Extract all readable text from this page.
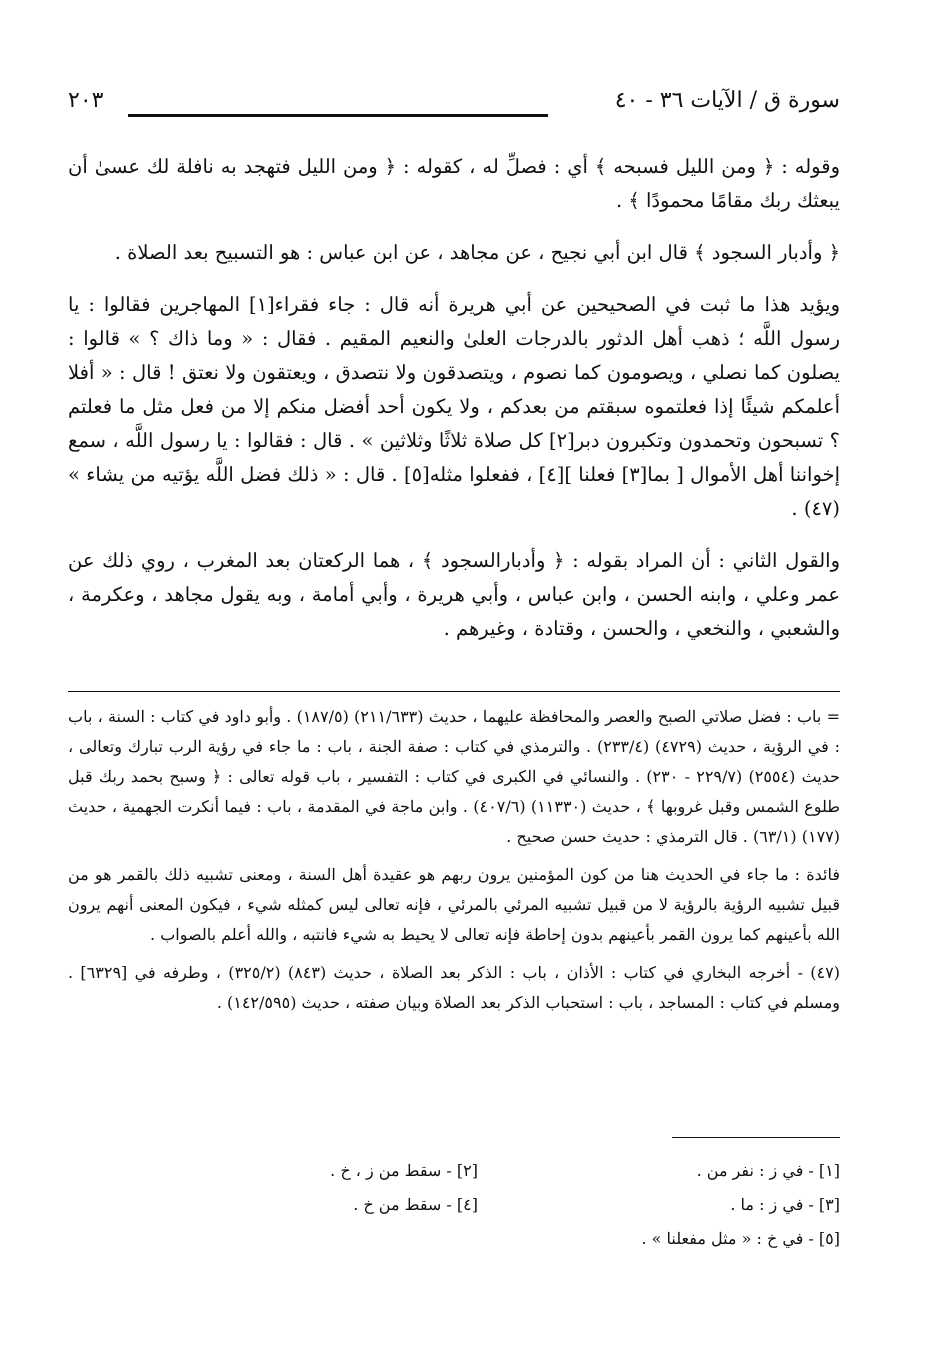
سورة ق / الآيات ٣٦ - ٤٠
٢٠٣

وقوله : ﴿ ومن الليل فسبحه ﴾ أي : فصلِّ له ، كقوله : ﴿ ومن الليل فتهجد به نافلة لك عسىٰ أن يبعثك ربك مقامًا محمودًا ﴾ .

﴿ وأدبار السجود ﴾ قال ابن أبي نجيح ، عن مجاهد ، عن ابن عباس : هو التسبيح بعد الصلاة .

ويؤيد هذا ما ثبت في الصحيحين عن أبي هريرة أنه قال : جاء فقراء[١] المهاجرين فقالوا : يا رسول اللَّه ؛ ذهب أهل الدثور بالدرجات العلىٰ والنعيم المقيم . فقال : « وما ذاك ؟ » قالوا : يصلون كما نصلي ، ويصومون كما نصوم ، ويتصدقون ولا نتصدق ، ويعتقون ولا نعتق ! قال : « أفلا أعلمكم شيئًا إذا فعلتموه سبقتم من بعدكم ، ولا يكون أحد أفضل منكم إلا من فعل مثل ما فعلتم ؟ تسبحون وتحمدون وتكبرون دبر[٢] كل صلاة ثلاثًا وثلاثين » . قال : فقالوا : يا رسول اللَّه ، سمع إخواننا أهل الأموال [ بما[٣] فعلنا ][٤] ، ففعلوا مثله[٥] . قال : « ذلك فضل اللَّه يؤتيه من يشاء » (٤٧) .

والقول الثاني : أن المراد بقوله : ﴿ وأدبارالسجود ﴾ ، هما الركعتان بعد المغرب ، روي ذلك عن عمر وعلي ، وابنه الحسن ، وابن عباس ، وأبي هريرة ، وأبي أمامة ، وبه يقول مجاهد ، وعكرمة ، والشعبي ، والنخعي ، والحسن ، وقتادة ، وغيرهم .

= باب : فضل صلاتي الصبح والعصر والمحافظة عليهما ، حديث (٢١١/٦٣٣) (١٨٧/٥) . وأبو داود في كتاب : السنة ، باب : في الرؤية ، حديث (٤٧٢٩) (٢٣٣/٤) . والترمذي في كتاب : صفة الجنة ، باب : ما جاء في رؤية الرب تبارك وتعالى ، حديث (٢٥٥٤) (٢٢٩/٧ - ٢٣٠) . والنسائي في الكبرى في كتاب : التفسير ، باب قوله تعالى : ﴿ وسبح بحمد ربك قبل طلوع الشمس وقبل غروبها ﴾ ، حديث (١١٣٣٠) (٤٠٧/٦) . وابن ماجة في المقدمة ، باب : فيما أنكرت الجهمية ، حديث (١٧٧) (٦٣/١) . قال الترمذي : حديث حسن صحيح .

فائدة : ما جاء في الحديث هنا من كون المؤمنين يرون ربهم هو عقيدة أهل السنة ، ومعنى تشبيه ذلك بالقمر هو من قبيل تشبيه الرؤية بالرؤية لا من قبيل تشبيه المرئي بالمرئي ، فإنه تعالى ليس كمثله شيء ، فيكون المعنى أنهم يرون الله بأعينهم كما يرون القمر بأعينهم بدون إحاطة فإنه تعالى لا يحيط به شيء فانتبه ، والله أعلم بالصواب .

(٤٧) - أخرجه البخاري في كتاب : الأذان ، باب : الذكر بعد الصلاة ، حديث (٨٤٣) (٣٢٥/٢) ، وطرفه في [٦٣٢٩] . ومسلم في كتاب : المساجد ، باب : استحباب الذكر بعد الصلاة وبيان صفته ، حديث (١٤٢/٥٩٥) .

[١] - في ز : نفر من .
[٣] - في ز : ما .
[٥] - في خ : « مثل مفعلنا » .
[٢] - سقط من ز ، خ .
[٤] - سقط من خ .
